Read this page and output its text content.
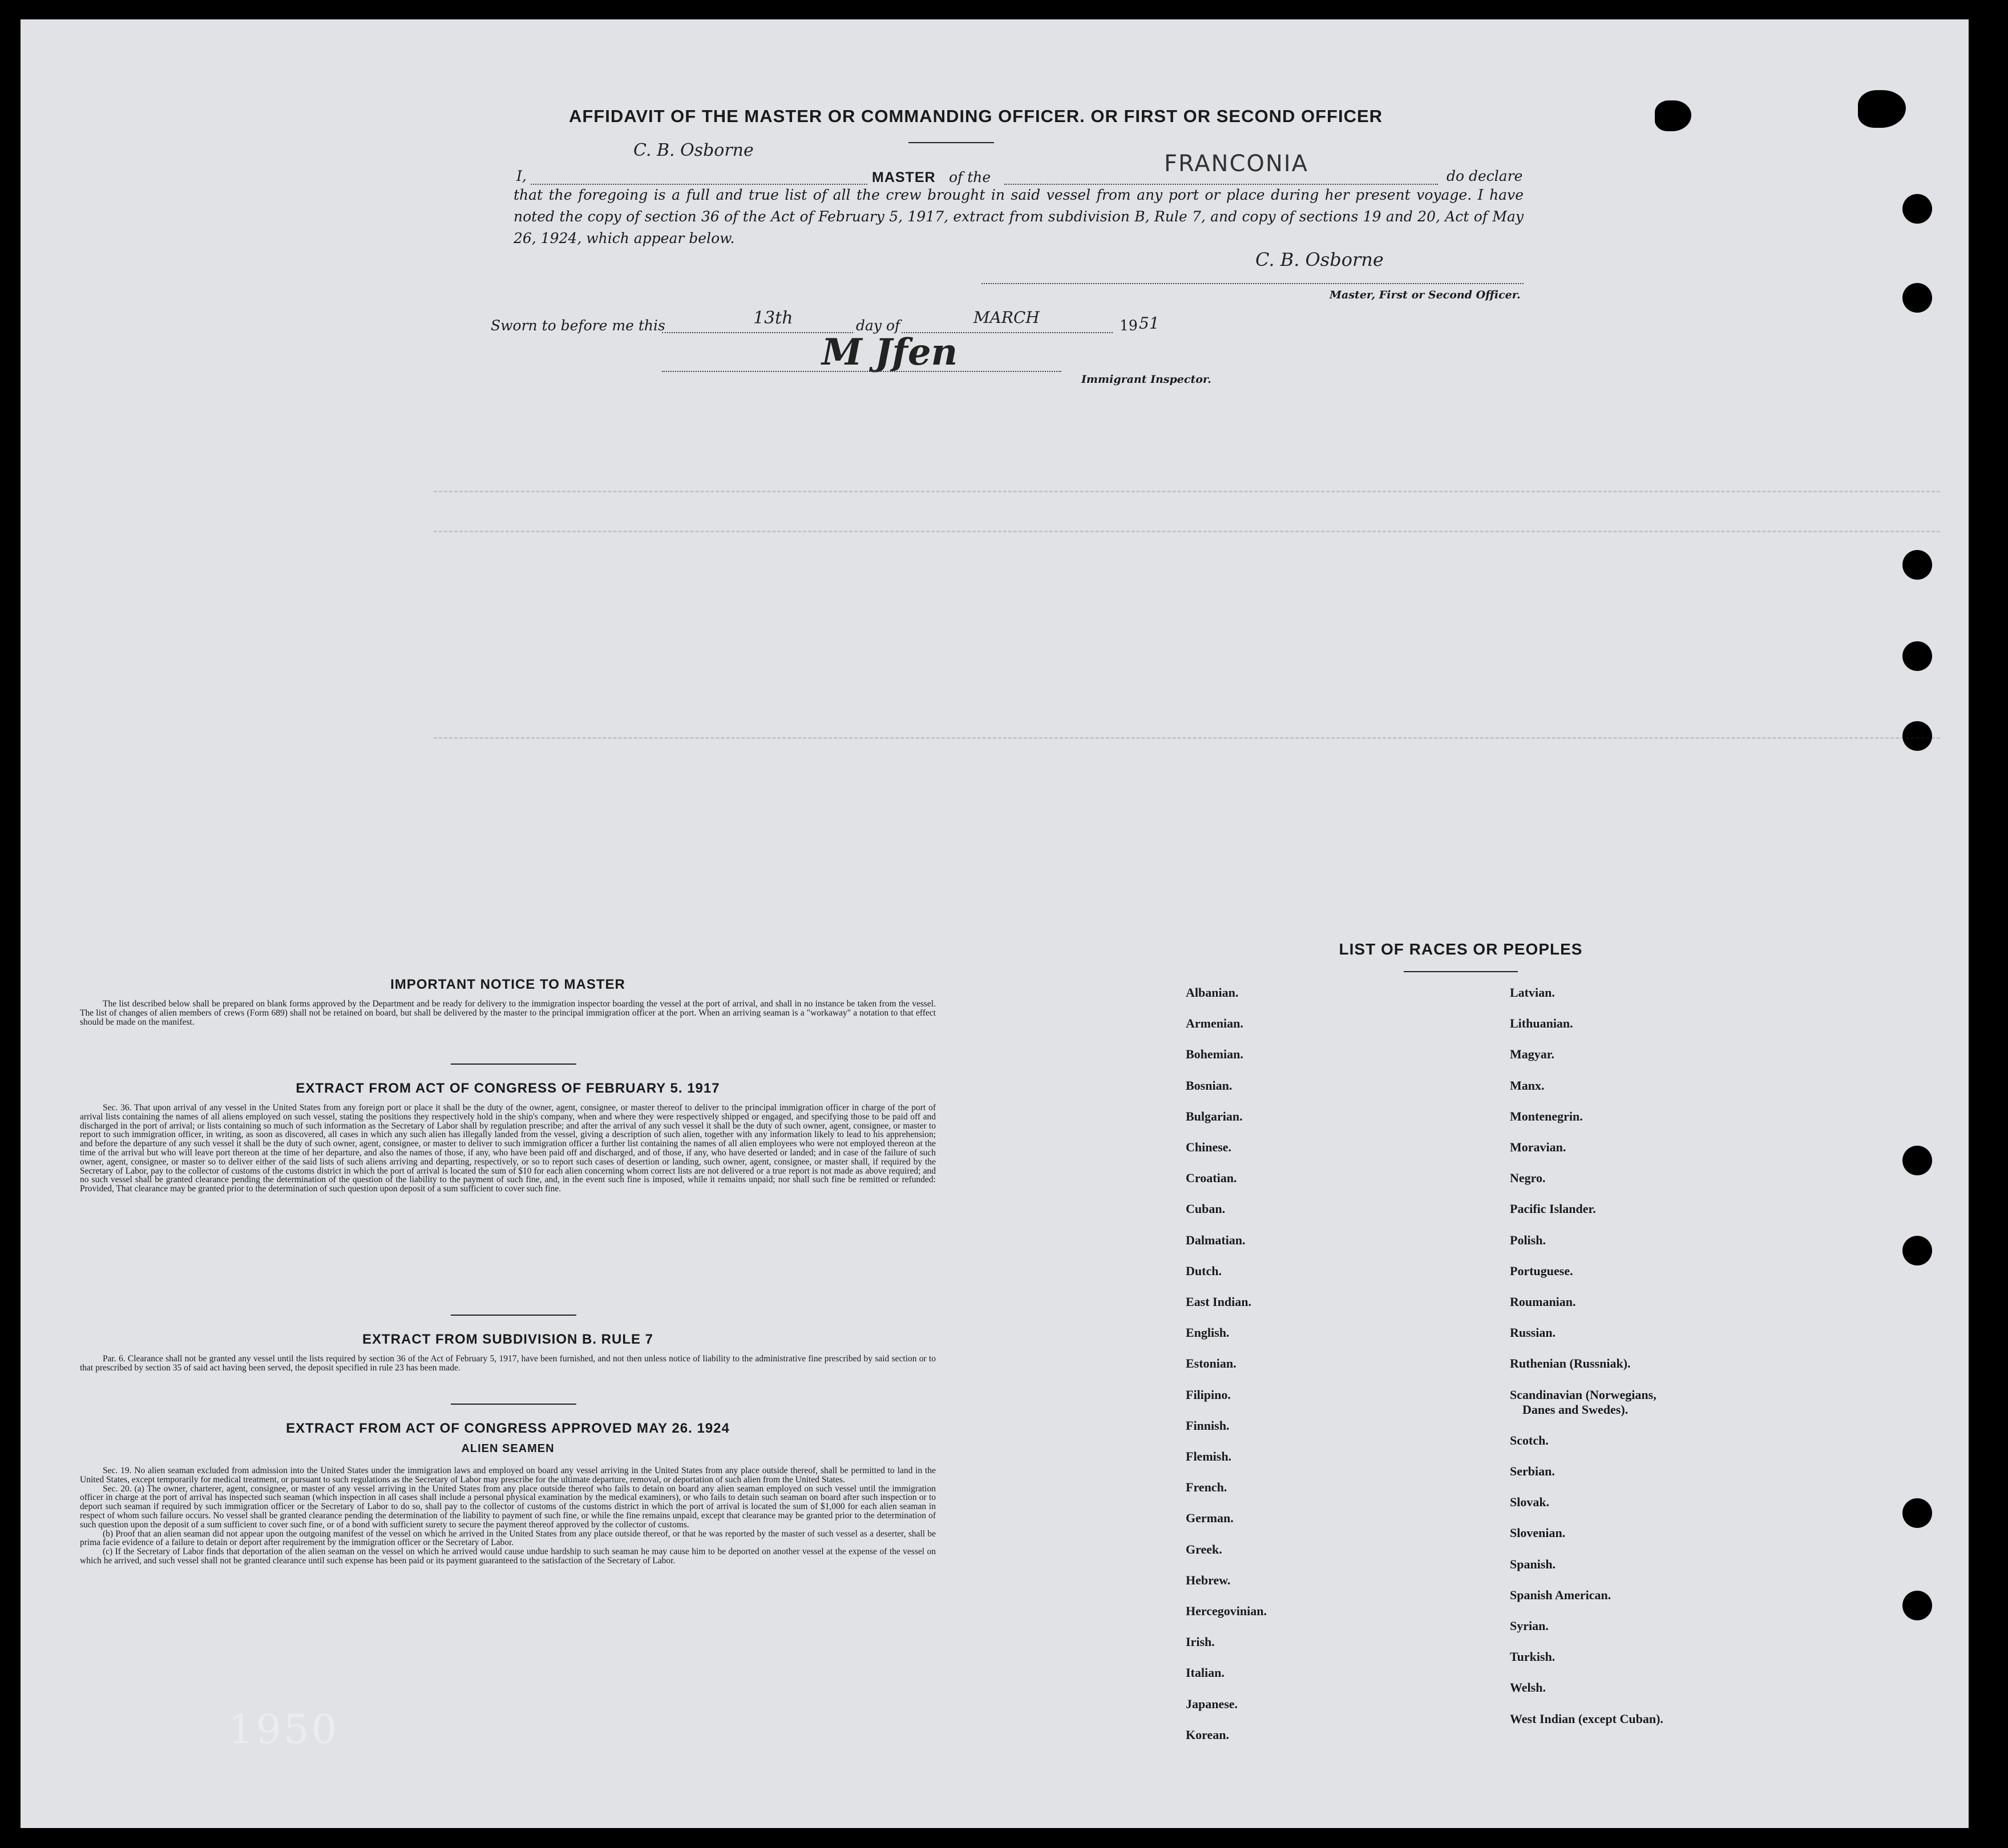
AFFIDAVIT OF THE MASTER OR COMMANDING OFFICER. OR FIRST OR SECOND OFFICER
I,
C. B. Osborne
MASTER of the
FRANCONIA	do declare
that the foregoing is a full and true list of all the crew brought in said vessel from any port or place during her present voyage. I have noted the copy of section 36 of the Act of February 5, 1917, extract from subdivision B, Rule 7, and copy of sections 19 and 20, Act of May 26, 1924, which appear below.
C. B. Osborne
Master, First or Second Officer.
Sworn to before me this	13th	day of	MARCH	19 51
M Jfen
Immigrant Inspector.
IMPORTANT NOTICE TO MASTER

The list described below shall be prepared on blank forms approved by the Department and be ready for delivery to the immigration inspector boarding the vessel at the port of arrival, and shall in no instance be taken from the vessel. The list of changes of alien members of crews (Form 689) shall not be retained on board, but shall be delivered by the master to the principal immigration officer at the port. When an arriving seaman is a "workaway" a notation to that effect should be made on the manifest.

EXTRACT FROM ACT OF CONGRESS OF FEBRUARY 5. 1917

Sec. 36. That upon arrival of any vessel in the United States from any foreign port or place it shall be the duty of the owner, agent, consignee, or master thereof to deliver to the principal immigration officer in charge of the port of arrival lists containing the names of all aliens employed on such vessel, stating the positions they respectively hold in the ship's company, when and where they were respectively shipped or engaged, and specifying those to be paid off and discharged in the port of arrival; or lists containing so much of such information as the Secretary of Labor shall by regulation prescribe; and after the arrival of any such vessel it shall be the duty of such owner, agent, consignee, or master to report to such immigration officer, in writing, as soon as discovered, all cases in which any such alien has illegally landed from the vessel, giving a description of such alien, together with any information likely to lead to his apprehension; and before the departure of any such vessel it shall be the duty of such owner, agent, consignee, or master to deliver to such immigration officer a further list containing the names of all alien employees who were not employed thereon at the time of the arrival but who will leave port thereon at the time of her departure, and also the names of those, if any, who have been paid off and discharged, and of those, if any, who have deserted or landed; and in case of the failure of such owner, agent, consignee, or master so to deliver either of the said lists of such aliens arriving and departing, respectively, or so to report such cases of desertion or landing, such owner, agent, consignee, or master shall, if required by the Secretary of Labor, pay to the collector of customs of the customs district in which the port of arrival is located the sum of $10 for each alien concerning whom correct lists are not delivered or a true report is not made as above required; and no such vessel shall be granted clearance pending the determination of the question of the liability to the payment of such fine, and, in the event such fine is imposed, while it remains unpaid; nor shall such fine be remitted or refunded: Provided, That clearance may be granted prior to the determination of such question upon deposit of a sum sufficient to cover such fine.

EXTRACT FROM SUBDIVISION B. RULE 7

Par. 6. Clearance shall not be granted any vessel until the lists required by section 36 of the Act of February 5, 1917, have been furnished, and not then unless notice of liability to the administrative fine prescribed by said section or to that prescribed by section 35 of said act having been served, the deposit specified in rule 23 has been made.

EXTRACT FROM ACT OF CONGRESS APPROVED MAY 26. 1924
ALIEN SEAMEN

Sec. 19. No alien seaman excluded from admission into the United States under the immigration laws and employed on board any vessel arriving in the United States from any place outside thereof, shall be permitted to land in the United States, except temporarily for medical treatment, or pursuant to such regulations as the Secretary of Labor may prescribe for the ultimate departure, removal, or deportation of such alien from the United States.

Sec. 20. (a) The owner, charterer, agent, consignee, or master of any vessel arriving in the United States from any place outside thereof who fails to detain on board any alien seaman employed on such vessel until the immigration officer in charge at the port of arrival has inspected such seaman (which inspection in all cases shall include a personal physical examination by the medical examiners), or who fails to detain such seaman on board after such inspection or to deport such seaman if required by such immigration officer or the Secretary of Labor to do so, shall pay to the collector of customs of the customs district in which the port of arrival is located the sum of $1,000 for each alien seaman in respect of whom such failure occurs. No vessel shall be granted clearance pending the determination of the liability to payment of such fine, or while the fine remains unpaid, except that clearance may be granted prior to the determination of such question upon the deposit of a sum sufficient to cover such fine, or of a bond with sufficient surety to secure the payment thereof approved by the collector of customs.

(b) Proof that an alien seaman did not appear upon the outgoing manifest of the vessel on which he arrived in the United States from any place outside thereof, or that he was reported by the master of such vessel as a deserter, shall be prima facie evidence of a failure to detain or deport after requirement by the immigration officer or the Secretary of Labor.

(c) If the Secretary of Labor finds that deportation of the alien seaman on the vessel on which he arrived would cause undue hardship to such seaman he may cause him to be deported on another vessel at the expense of the vessel on which he arrived, and such vessel shall not be granted clearance until such expense has been paid or its payment guaranteed to the satisfaction of the Secretary of Labor.

1950
LIST OF RACES OR PEOPLES
Albanian.
Armenian.
Bohemian.
Bosnian.
Bulgarian.
Chinese.
Croatian.
Cuban.
Dalmatian.
Dutch.
East Indian.
English.
Estonian.
Filipino.
Finnish.
Flemish.
French.
German.
Greek.
Hebrew.
Hercegovinian.
Irish.
Italian.
Japanese.
Korean.
Latvian.
Lithuanian.
Magyar.
Manx.
Montenegrin.
Moravian.
Negro.
Pacific Islander.
Polish.
Portuguese.
Roumanian.
Russian.
Ruthenian (Russniak).
Scandinavian (Norwegians,
Danes and Swedes).
Scotch.
Serbian.
Slovak.
Slovenian.
Spanish.
Spanish American.
Syrian.
Turkish.
Welsh.
West Indian (except Cuban).
